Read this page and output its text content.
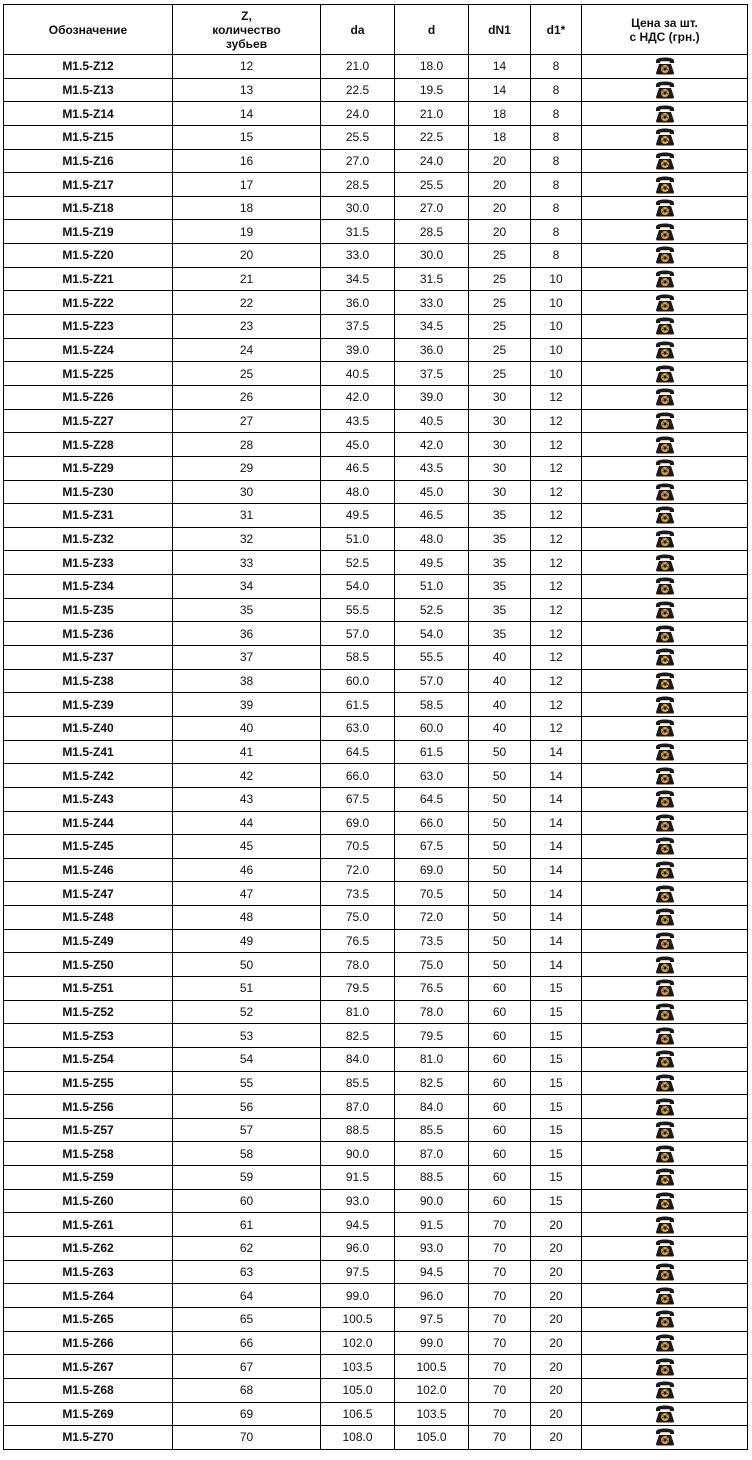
Обозначение	Z,
количество
зубьев	da	d	dN1	d1*	Цена за шт.
с НДС (грн.)
M1.5-Z12	12	21.0	18.0	14	8	

M1.5-Z13	13	22.5	19.5	14	8	

M1.5-Z14	14	24.0	21.0	18	8	

M1.5-Z15	15	25.5	22.5	18	8	

M1.5-Z16	16	27.0	24.0	20	8	

M1.5-Z17	17	28.5	25.5	20	8	

M1.5-Z18	18	30.0	27.0	20	8	

M1.5-Z19	19	31.5	28.5	20	8	

M1.5-Z20	20	33.0	30.0	25	8	

M1.5-Z21	21	34.5	31.5	25	10	

M1.5-Z22	22	36.0	33.0	25	10	

M1.5-Z23	23	37.5	34.5	25	10	

M1.5-Z24	24	39.0	36.0	25	10	

M1.5-Z25	25	40.5	37.5	25	10	

M1.5-Z26	26	42.0	39.0	30	12	

M1.5-Z27	27	43.5	40.5	30	12	

M1.5-Z28	28	45.0	42.0	30	12	

M1.5-Z29	29	46.5	43.5	30	12	

M1.5-Z30	30	48.0	45.0	30	12	

M1.5-Z31	31	49.5	46.5	35	12	

M1.5-Z32	32	51.0	48.0	35	12	

M1.5-Z33	33	52.5	49.5	35	12	

M1.5-Z34	34	54.0	51.0	35	12	

M1.5-Z35	35	55.5	52.5	35	12	

M1.5-Z36	36	57.0	54.0	35	12	

M1.5-Z37	37	58.5	55.5	40	12	

M1.5-Z38	38	60.0	57.0	40	12	

M1.5-Z39	39	61.5	58.5	40	12	

M1.5-Z40	40	63.0	60.0	40	12	

M1.5-Z41	41	64.5	61.5	50	14	

M1.5-Z42	42	66.0	63.0	50	14	

M1.5-Z43	43	67.5	64.5	50	14	

M1.5-Z44	44	69.0	66.0	50	14	

M1.5-Z45	45	70.5	67.5	50	14	

M1.5-Z46	46	72.0	69.0	50	14	

M1.5-Z47	47	73.5	70.5	50	14	

M1.5-Z48	48	75.0	72.0	50	14	

M1.5-Z49	49	76.5	73.5	50	14	

M1.5-Z50	50	78.0	75.0	50	14	

M1.5-Z51	51	79.5	76.5	60	15	

M1.5-Z52	52	81.0	78.0	60	15	

M1.5-Z53	53	82.5	79.5	60	15	

M1.5-Z54	54	84.0	81.0	60	15	

M1.5-Z55	55	85.5	82.5	60	15	

M1.5-Z56	56	87.0	84.0	60	15	

M1.5-Z57	57	88.5	85.5	60	15	

M1.5-Z58	58	90.0	87.0	60	15	

M1.5-Z59	59	91.5	88.5	60	15	

M1.5-Z60	60	93.0	90.0	60	15	

M1.5-Z61	61	94.5	91.5	70	20	

M1.5-Z62	62	96.0	93.0	70	20	

M1.5-Z63	63	97.5	94.5	70	20	

M1.5-Z64	64	99.0	96.0	70	20	

M1.5-Z65	65	100.5	97.5	70	20	

M1.5-Z66	66	102.0	99.0	70	20	

M1.5-Z67	67	103.5	100.5	70	20	

M1.5-Z68	68	105.0	102.0	70	20	

M1.5-Z69	69	106.5	103.5	70	20	

M1.5-Z70	70	108.0	105.0	70	20	
